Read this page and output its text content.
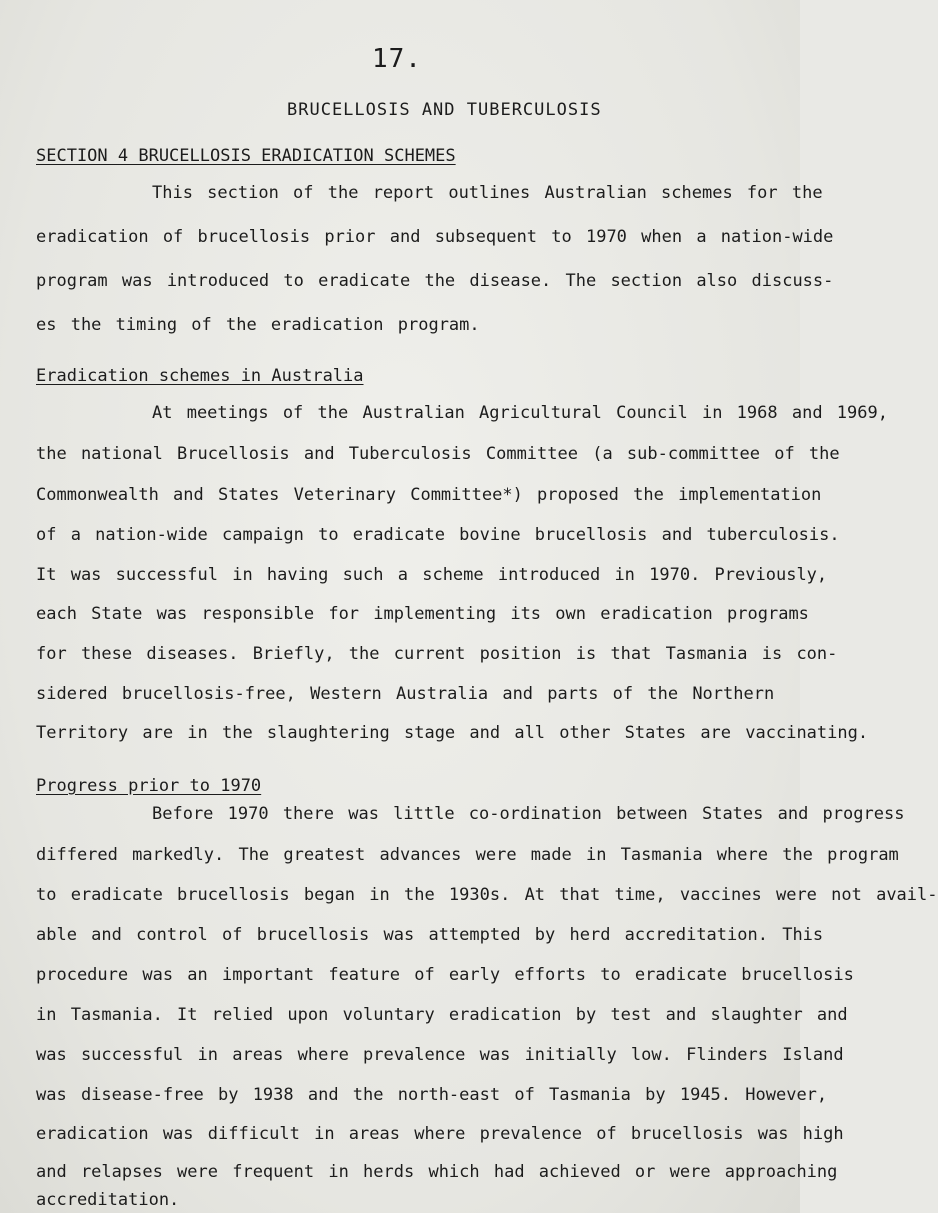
17.
BRUCELLOSIS AND TUBERCULOSIS
SECTION 4 BRUCELLOSIS ERADICATION SCHEMES
This section of the report outlines Australian schemes for the
eradication of brucellosis prior and subsequent to 1970 when a nation-wide
program was introduced to eradicate the disease. The section also discuss-
es the timing of the eradication program.
Eradication schemes in Australia
At meetings of the Australian Agricultural Council in 1968 and 1969,
the national Brucellosis and Tuberculosis Committee (a sub-committee of the
Commonwealth and States Veterinary Committee*) proposed the implementation
of a nation-wide campaign to eradicate bovine brucellosis and tuberculosis.
It was successful in having such a scheme introduced in 1970. Previously,
each State was responsible for implementing its own eradication programs
for these diseases. Briefly, the current position is that Tasmania is con-
sidered brucellosis-free, Western Australia and parts of the Northern
Territory are in the slaughtering stage and all other States are vaccinating.
Progress prior to 1970
Before 1970 there was little co-ordination between States and progress
differed markedly. The greatest advances were made in Tasmania where the program
to eradicate brucellosis began in the 1930s. At that time, vaccines were not avail-
able and control of brucellosis was attempted by herd accreditation. This
procedure was an important feature of early efforts to eradicate brucellosis
in Tasmania. It relied upon voluntary eradication by test and slaughter and
was successful in areas where prevalence was initially low. Flinders Island
was disease-free by 1938 and the north-east of Tasmania by 1945. However,
eradication was difficult in areas where prevalence of brucellosis was high
and relapses were frequent in herds which had achieved or were approaching
accreditation.
